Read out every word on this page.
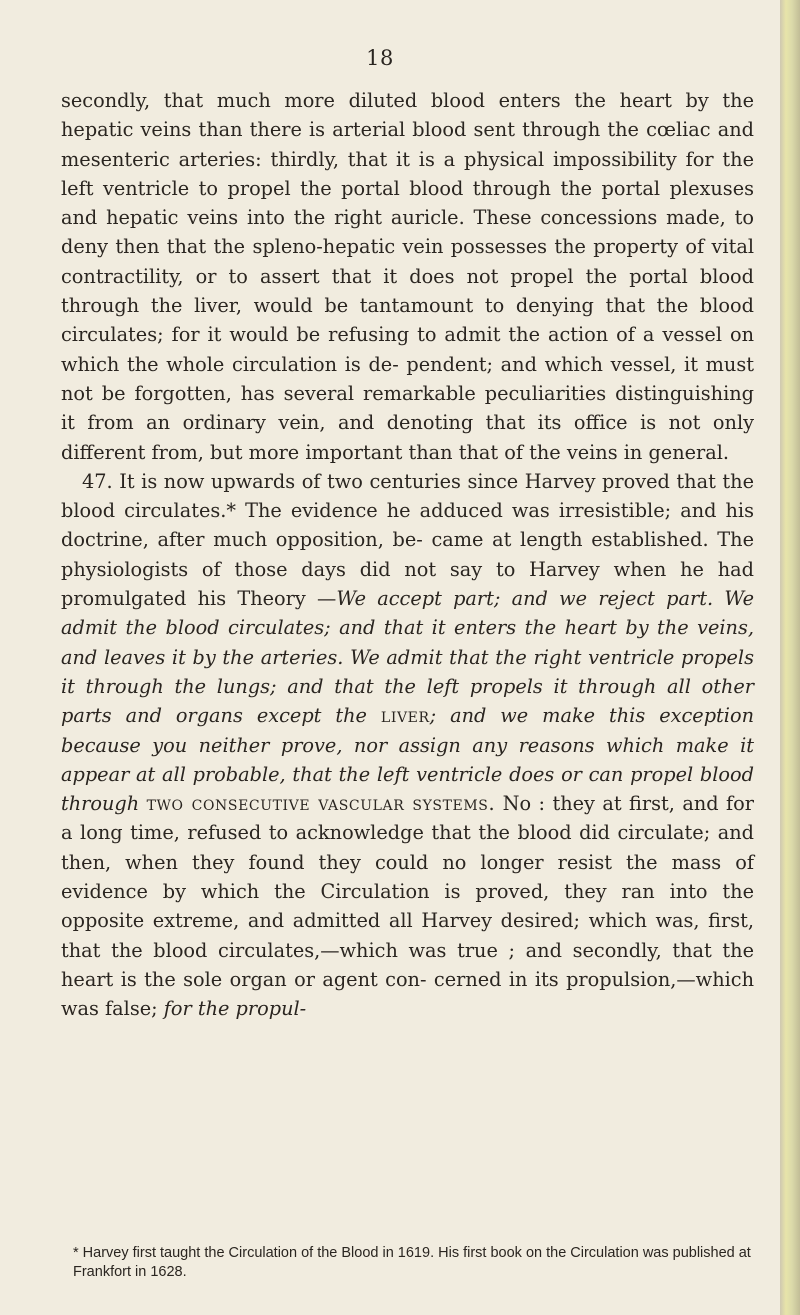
18

secondly, that much more diluted blood enters the heart by the hepatic veins than there is arterial blood sent through the cœliac and mesenteric arteries: thirdly, that it is a physical impossibility for the left ventricle to propel the portal blood through the portal plexuses and hepatic veins into the right auricle. These concessions made, to deny then that the spleno-hepatic vein possesses the property of vital contractility, or to assert that it does not propel the portal blood through the liver, would be tantamount to denying that the blood circulates; for it would be refusing to admit the action of a vessel on which the whole circulation is de- pendent; and which vessel, it must not be forgotten, has several remarkable peculiarities distinguishing it from an ordinary vein, and denoting that its office is not only different from, but more important than that of the veins in general.

47. It is now upwards of two centuries since Harvey proved that the blood circulates.* The evidence he adduced was irresistible; and his doctrine, after much opposition, be- came at length established. The physiologists of those days did not say to Harvey when he had promulgated his Theory —We accept part; and we reject part. We admit the blood circulates; and that it enters the heart by the veins, and leaves it by the arteries. We admit that the right ventricle propels it through the lungs; and that the left propels it through all other parts and organs except the liver; and we make this exception because you neither prove, nor assign any reasons which make it appear at all probable, that the left ventricle does or can propel blood through two consecutive vascular systems. No : they at first, and for a long time, refused to acknowledge that the blood did circulate; and then, when they found they could no longer resist the mass of evidence by which the Circulation is proved, they ran into the opposite extreme, and admitted all Harvey desired; which was, first, that the blood circulates,—which was true ; and secondly, that the heart is the sole organ or agent con- cerned in its propulsion,—which was false; for the propul-

* Harvey first taught the Circulation of the Blood in 1619. His first book on the Circulation was published at Frankfort in 1628.
